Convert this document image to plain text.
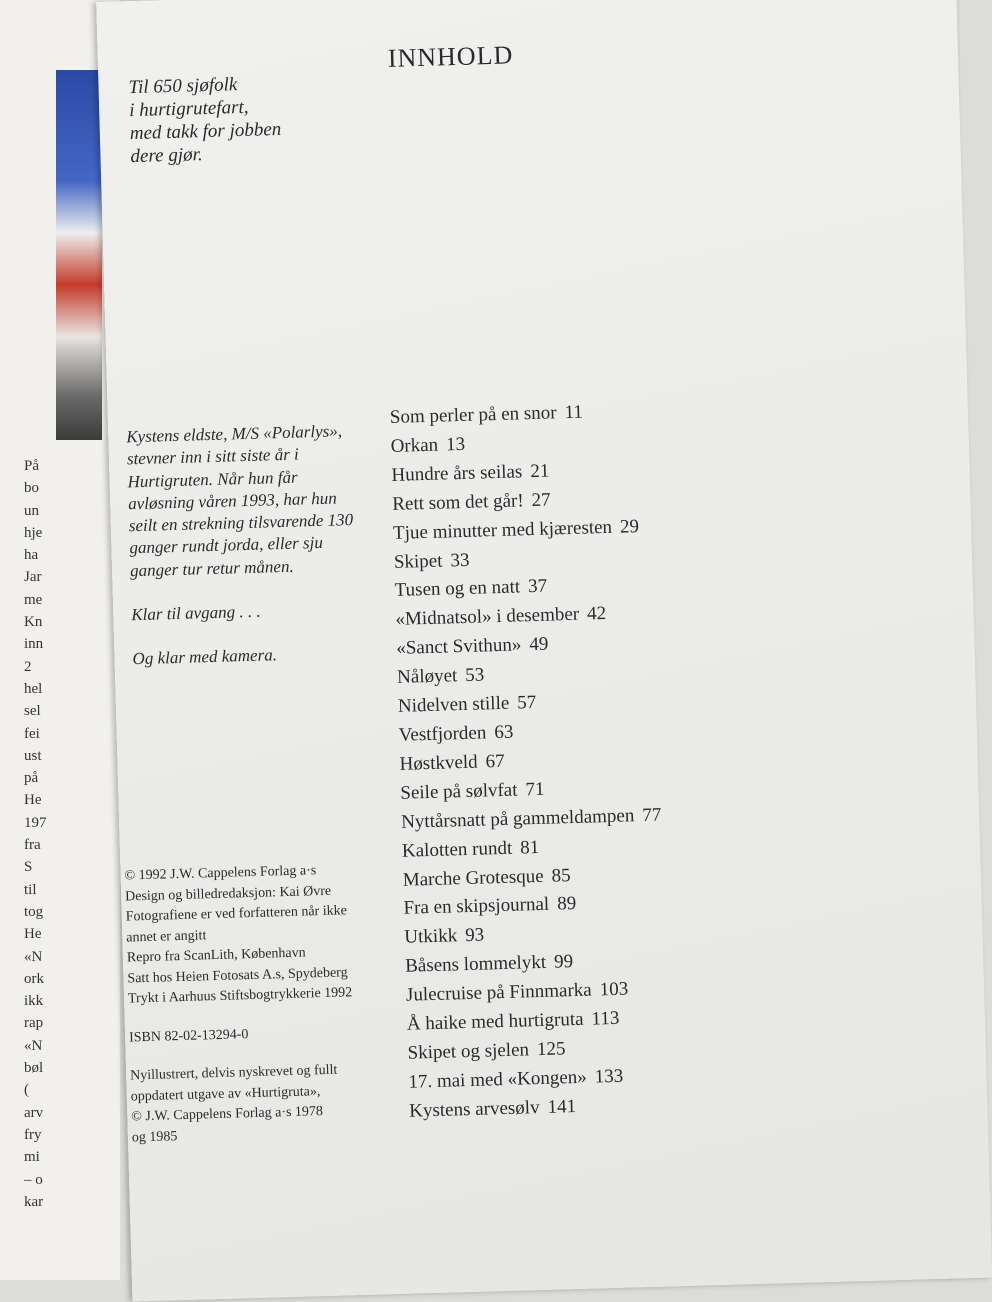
På
bo
un
hje
ha
Jar
me
Kn
inn
2
hel
sel
fei
ust
på
He
197
fra
S
til
tog
He
«N
ork
ikk
rap
«N
bøl
(
arv
fry
mi
– o
kar
Til 650 sjøfolk
i hurtigrutefart,
med takk for jobben
dere gjør.
INNHOLD
Kystens eldste, M/S «Polarlys»,
stevner inn i sitt siste år i
Hurtigruten. Når hun får
avløsning våren 1993, har hun
seilt en strekning tilsvarende 130
ganger rundt jorda, eller sju
ganger tur retur månen.
Klar til avgang . . .
Og klar med kamera.
Som perler på en snor 11
Orkan 13
Hundre års seilas 21
Rett som det går! 27
Tjue minutter med kjæresten 29
Skipet 33
Tusen og en natt 37
«Midnatsol» i desember 42
«Sanct Svithun» 49
Nåløyet 53
Nidelven stille 57
Vestfjorden 63
Høstkveld 67
Seile på sølvfat 71
Nyttårsnatt på gammeldampen 77
Kalotten rundt 81
Marche Grotesque 85
Fra en skipsjournal 89
Utkikk 93
Båsens lommelykt 99
Julecruise på Finnmarka 103
Å haike med hurtigruta 113
Skipet og sjelen 125
17. mai med «Kongen» 133
Kystens arvesølv 141
© 1992 J.W. Cappelens Forlag a·s
Design og billedredaksjon: Kai Øvre
Fotografiene er ved forfatteren når ikke
annet er angitt
Repro fra ScanLith, København
Satt hos Heien Fotosats A.s, Spydeberg
Trykt i Aarhuus Stiftsbogtrykkerie 1992
ISBN 82-02-13294-0
Nyillustrert, delvis nyskrevet og fullt
oppdatert utgave av «Hurtigruta»,
© J.W. Cappelens Forlag a·s 1978
og 1985
